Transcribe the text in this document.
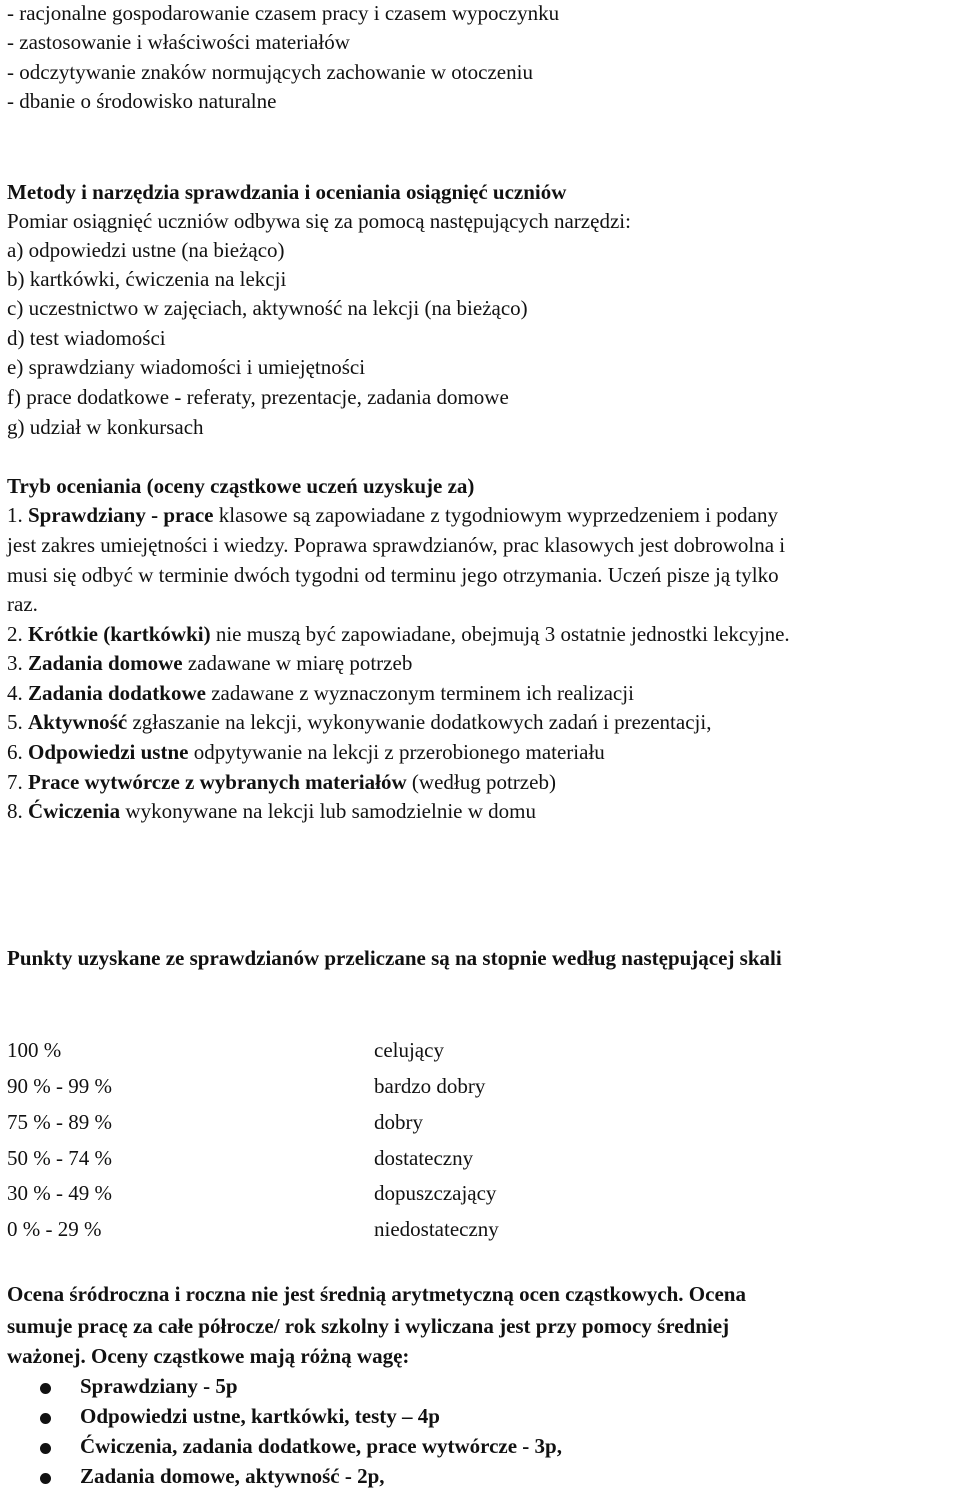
- racjonalne gospodarowanie czasem pracy i czasem wypoczynku
- zastosowanie i właściwości materiałów
- odczytywanie znaków normujących zachowanie w otoczeniu
- dbanie o środowisko naturalne
Metody i narzędzia sprawdzania i oceniania osiągnięć uczniów
Pomiar osiągnięć uczniów odbywa się za pomocą następujących narzędzi:
a) odpowiedzi ustne (na bieżąco)
b) kartkówki, ćwiczenia na lekcji
c) uczestnictwo w zajęciach, aktywność na lekcji (na bieżąco)
d) test wiadomości
e) sprawdziany wiadomości i umiejętności
f) prace dodatkowe - referaty, prezentacje, zadania domowe
g) udział w konkursach
Tryb oceniania (oceny cząstkowe uczeń uzyskuje za)
1. Sprawdziany - prace klasowe są zapowiadane z tygodniowym wyprzedzeniem i podany
jest zakres umiejętności i wiedzy. Poprawa sprawdzianów, prac klasowych jest dobrowolna i
musi się odbyć w terminie dwóch tygodni od terminu jego otrzymania. Uczeń pisze ją tylko
raz.
2. Krótkie (kartkówki) nie muszą być zapowiadane, obejmują 3 ostatnie jednostki lekcyjne.
3. Zadania domowe zadawane w miarę potrzeb
4. Zadania dodatkowe zadawane z wyznaczonym terminem ich realizacji
5. Aktywność zgłaszanie na lekcji, wykonywanie dodatkowych zadań i prezentacji,
6. Odpowiedzi ustne odpytywanie na lekcji z przerobionego materiału
7. Prace wytwórcze z wybranych materiałów (według potrzeb)
8. Ćwiczenia wykonywane na lekcji lub samodzielnie w domu
Punkty uzyskane ze sprawdzianów przeliczane są na stopnie według następującej skali
100 %	celujący
90 % - 99 %	bardzo dobry
75 % - 89 %	dobry
50 % - 74 %	dostateczny
30 % - 49 %	dopuszczający
0 % - 29 %	niedostateczny
Ocena śródroczna i roczna nie jest średnią arytmetyczną ocen cząstkowych. Ocena
sumuje pracę za całe półrocze/ rok szkolny i wyliczana jest przy pomocy średniej
ważonej. Oceny cząstkowe mają różną wagę:
Sprawdziany - 5p
Odpowiedzi ustne, kartkówki, testy – 4p
Ćwiczenia, zadania dodatkowe, prace wytwórcze - 3p,
Zadania domowe, aktywność - 2p,
